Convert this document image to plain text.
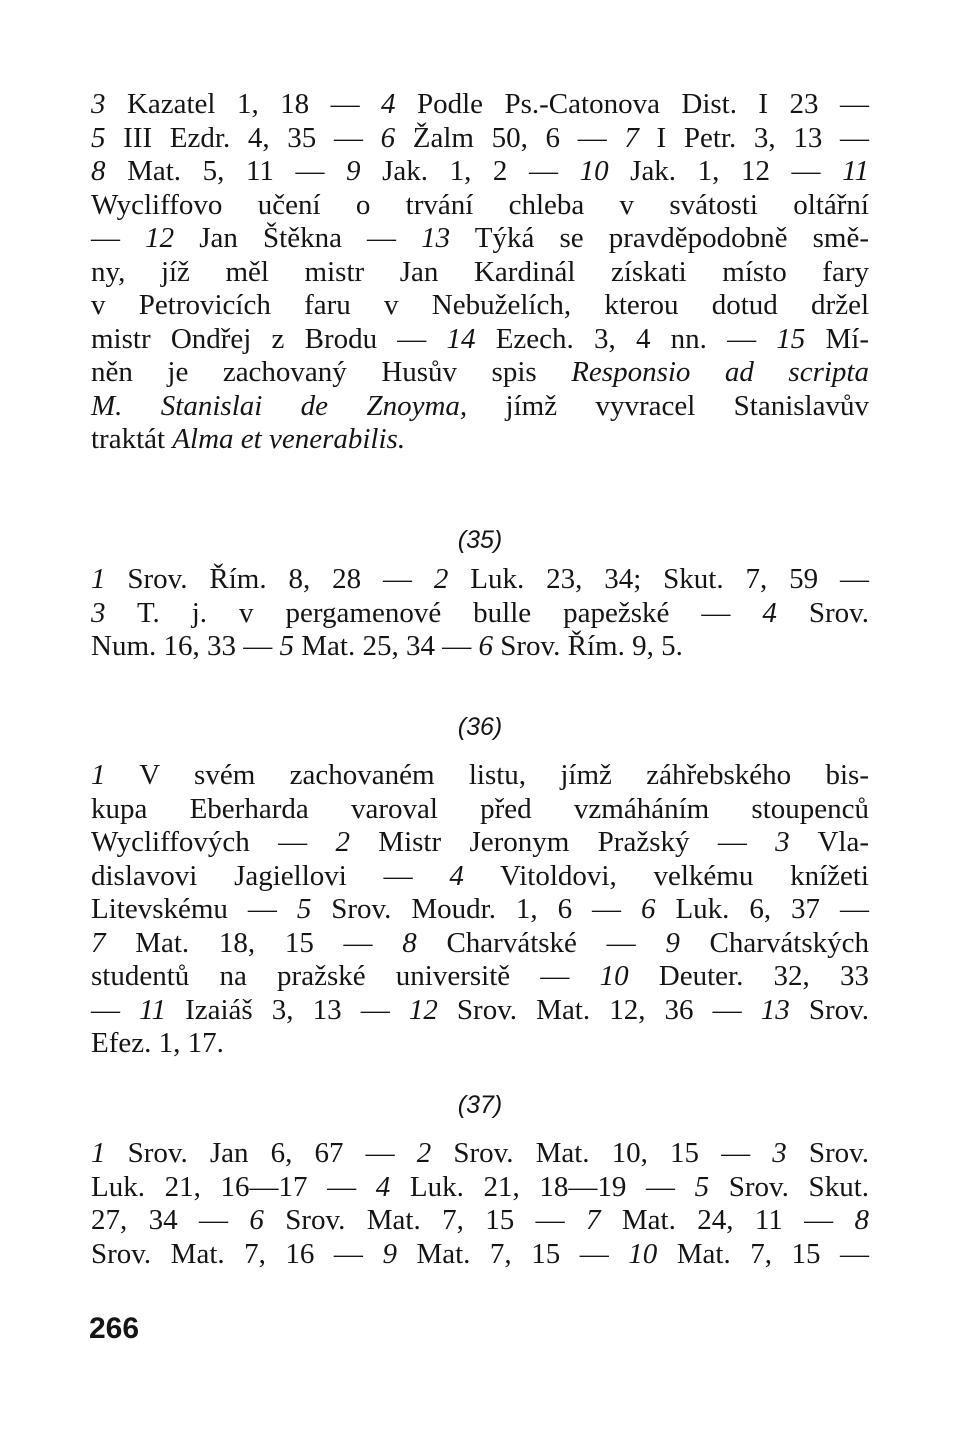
3 Kazatel 1, 18 — 4 Podle Ps.-Catonova Dist. I 23 —
5 III Ezdr. 4, 35 — 6 Žalm 50, 6 — 7 I Petr. 3, 13 —
8 Mat. 5, 11 — 9 Jak. 1, 2 — 10 Jak. 1, 12 — 11
Wycliffovo učení o trvání chleba v svátosti oltářní
— 12 Jan Štěkna — 13 Týká se pravděpodobně smě-
ny, jíž měl mistr Jan Kardinál získati místo fary
v Petrovicích faru v Nebuželích, kterou dotud držel
mistr Ondřej z Brodu — 14 Ezech. 3, 4 nn. — 15 Mí-
něn je zachovaný Husův spis Responsio ad scripta
M. Stanislai de Znoyma, jímž vyvracel Stanislavův
traktát Alma et venerabilis.
(35)
1 Srov. Řím. 8, 28 — 2 Luk. 23, 34; Skut. 7, 59 —
3 T. j. v pergamenové bulle papežské — 4 Srov.
Num. 16, 33 — 5 Mat. 25, 34 — 6 Srov. Řím. 9, 5.
(36)
1 V svém zachovaném listu, jímž záhřebského bis-
kupa Eberharda varoval před vzmáháním stoupenců
Wycliffových — 2 Mistr Jeronym Pražský — 3 Vla-
dislavovi Jagiellovi — 4 Vitoldovi, velkému knížeti
Litevskému — 5 Srov. Moudr. 1, 6 — 6 Luk. 6, 37 —
7 Mat. 18, 15 — 8 Charvátské — 9 Charvátských
studentů na pražské universitě — 10 Deuter. 32, 33
— 11 Izaiáš 3, 13 — 12 Srov. Mat. 12, 36 — 13 Srov.
Efez. 1, 17.
(37)
1 Srov. Jan 6, 67 — 2 Srov. Mat. 10, 15 — 3 Srov.
Luk. 21, 16—17 — 4 Luk. 21, 18—19 — 5 Srov. Skut.
27, 34 — 6 Srov. Mat. 7, 15 — 7 Mat. 24, 11 — 8
Srov. Mat. 7, 16 — 9 Mat. 7, 15 — 10 Mat. 7, 15 —
266
